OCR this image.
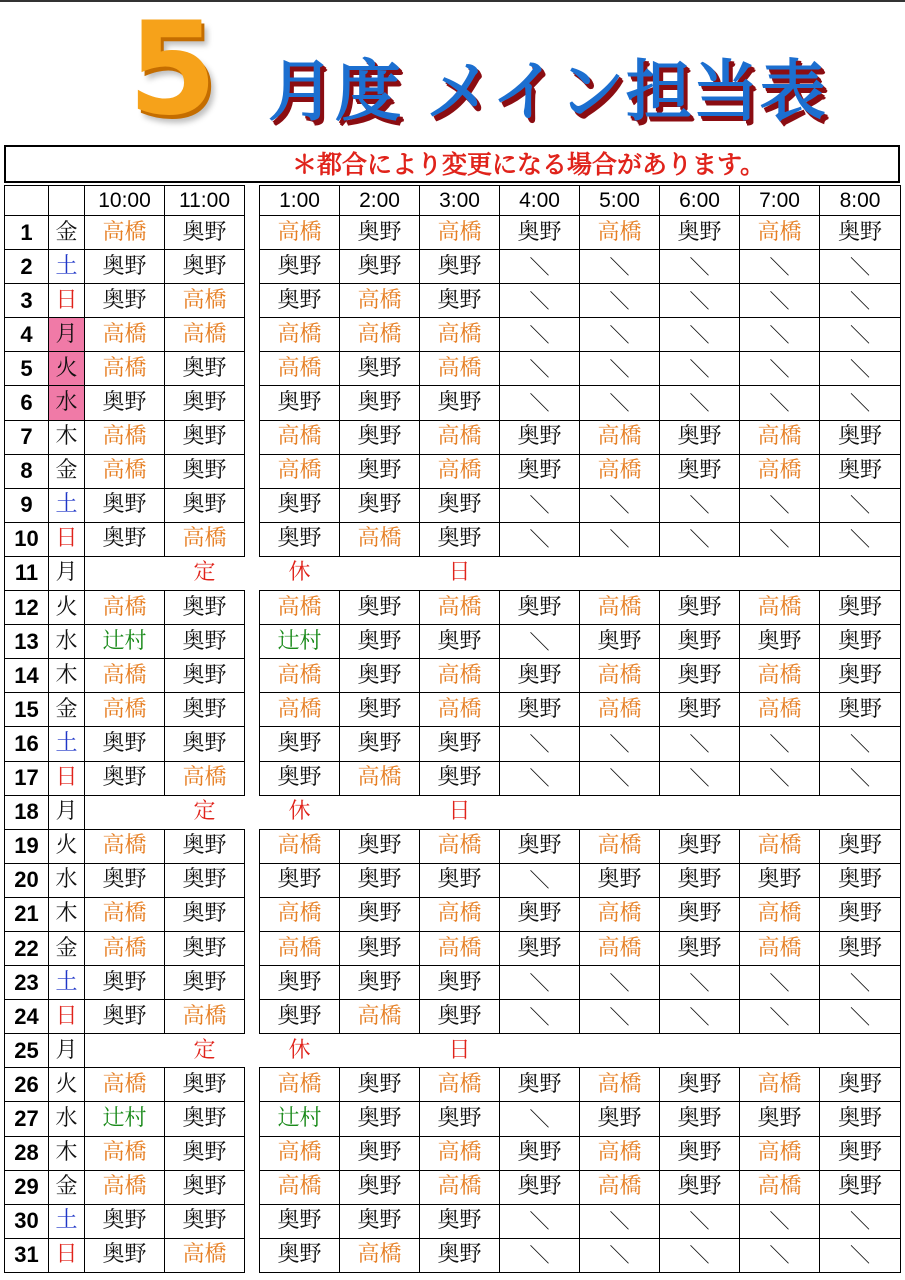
5 月度 メイン担当表
＊都合により変更になる場合があります。
		10:00	11:00		1:00	2:00	3:00	4:00	5:00	6:00	7:00	8:00
1	金	高橋	奥野		高橋	奥野	高橋	奥野	高橋	奥野	高橋	奥野
2	土	奥野	奥野		奥野	奥野	奥野	＼	＼	＼	＼	＼
3	日	奥野	高橋		奥野	高橋	奥野	＼	＼	＼	＼	＼
4	月	高橋	高橋		高橋	高橋	高橋	＼	＼	＼	＼	＼
5	火	高橋	奥野		高橋	奥野	高橋	＼	＼	＼	＼	＼
6	水	奥野	奥野		奥野	奥野	奥野	＼	＼	＼	＼	＼
7	木	高橋	奥野		高橋	奥野	高橋	奥野	高橋	奥野	高橋	奥野
8	金	高橋	奥野		高橋	奥野	高橋	奥野	高橋	奥野	高橋	奥野
9	土	奥野	奥野		奥野	奥野	奥野	＼	＼	＼	＼	＼
10	日	奥野	高橋		奥野	高橋	奥野	＼	＼	＼	＼	＼
11	月		定		休		日					
12	火	高橋	奥野		高橋	奥野	高橋	奥野	高橋	奥野	高橋	奥野
13	水	辻村	奥野		辻村	奥野	奥野	＼	奥野	奥野	奥野	奥野
14	木	高橋	奥野		高橋	奥野	高橋	奥野	高橋	奥野	高橋	奥野
15	金	高橋	奥野		高橋	奥野	高橋	奥野	高橋	奥野	高橋	奥野
16	土	奥野	奥野		奥野	奥野	奥野	＼	＼	＼	＼	＼
17	日	奥野	高橋		奥野	高橋	奥野	＼	＼	＼	＼	＼
18	月		定		休		日					
19	火	高橋	奥野		高橋	奥野	高橋	奥野	高橋	奥野	高橋	奥野
20	水	奥野	奥野		奥野	奥野	奥野	＼	奥野	奥野	奥野	奥野
21	木	高橋	奥野		高橋	奥野	高橋	奥野	高橋	奥野	高橋	奥野
22	金	高橋	奥野		高橋	奥野	高橋	奥野	高橋	奥野	高橋	奥野
23	土	奥野	奥野		奥野	奥野	奥野	＼	＼	＼	＼	＼
24	日	奥野	高橋		奥野	高橋	奥野	＼	＼	＼	＼	＼
25	月		定		休		日					
26	火	高橋	奥野		高橋	奥野	高橋	奥野	高橋	奥野	高橋	奥野
27	水	辻村	奥野		辻村	奥野	奥野	＼	奥野	奥野	奥野	奥野
28	木	高橋	奥野		高橋	奥野	高橋	奥野	高橋	奥野	高橋	奥野
29	金	高橋	奥野		高橋	奥野	高橋	奥野	高橋	奥野	高橋	奥野
30	土	奥野	奥野		奥野	奥野	奥野	＼	＼	＼	＼	＼
31	日	奥野	高橋		奥野	高橋	奥野	＼	＼	＼	＼	＼
